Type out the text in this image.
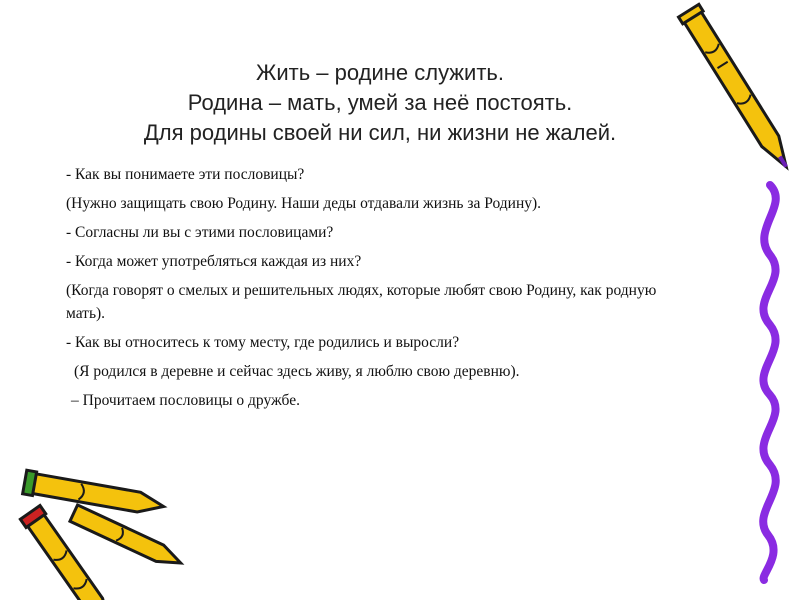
Жить – родине служить.
Родина – мать, умей за неё постоять.
Для родины своей ни сил, ни жизни не жалей.
- Как вы понимаете эти пословицы?
(Нужно защищать свою Родину. Наши деды отдавали жизнь за Родину).
- Согласны ли вы с этими пословицами?
- Когда может употребляться каждая из них?
(Когда говорят о смелых и решительных людях, которые любят свою Родину, как родную мать).
- Как вы относитесь к тому месту, где родились и выросли?
(Я родился в деревне и сейчас здесь живу, я люблю свою деревню).
– Прочитаем пословицы о дружбе.
